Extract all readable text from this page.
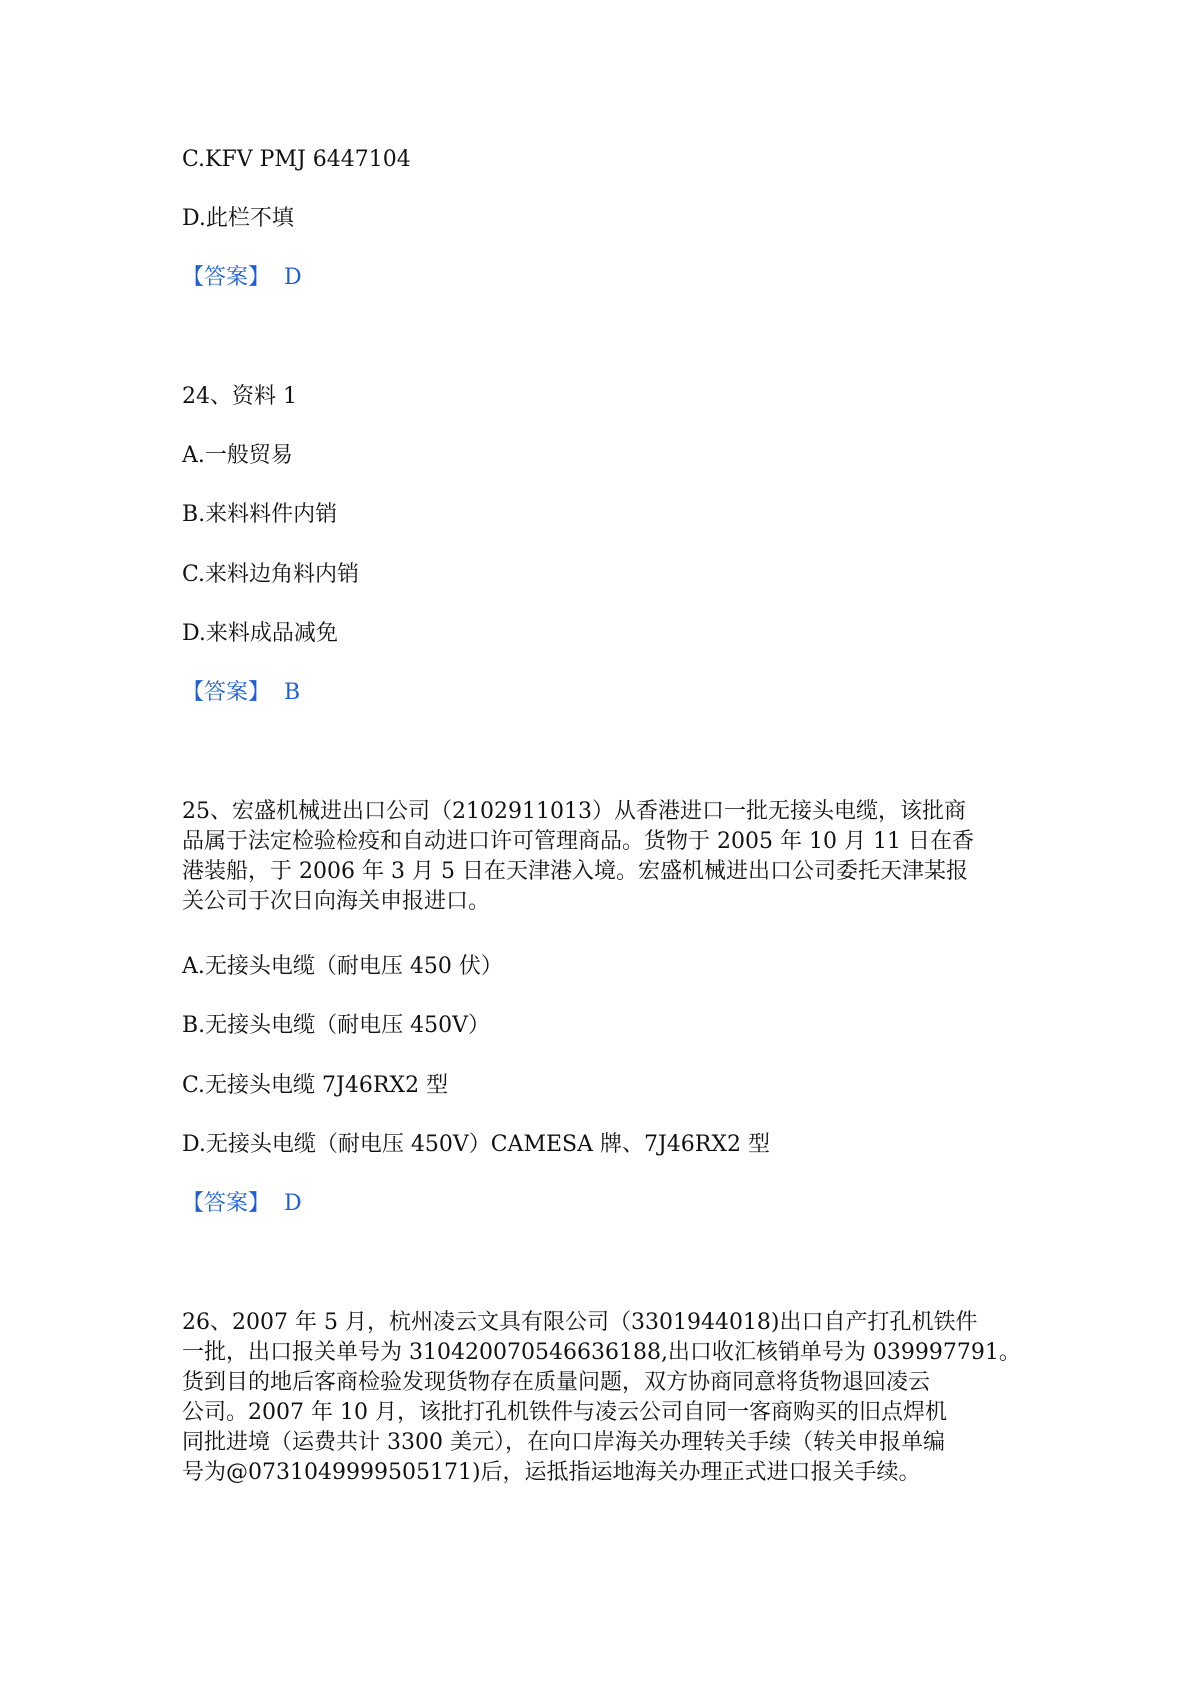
C.KFV PMJ 6447104
D.此栏不填
【答案】 D
24、资料 1
A.一般贸易
B.来料料件内销
C.来料边角料内销
D.来料成品减免
【答案】 B
25、宏盛机械进出口公司（2102911013）从香港进口一批无接头电缆，该批商
品属于法定检验检疫和自动进口许可管理商品。货物于 2005 年 10 月 11 日在香
港装船，于 2006 年 3 月 5 日在天津港入境。宏盛机械进出口公司委托天津某报
关公司于次日向海关申报进口。
A.无接头电缆（耐电压 450 伏）
B.无接头电缆（耐电压 450V）
C.无接头电缆 7J46RX2 型
D.无接头电缆（耐电压 450V）CAMESA 牌、7J46RX2 型
【答案】 D
26、2007 年 5 月，杭州凌云文具有限公司（3301944018)出口自产打孔机铁件
一批，出口报关单号为 310420070546636188,出口收汇核销单号为 039997791。
货到目的地后客商检验发现货物存在质量问题，双方协商同意将货物退回凌云
公司。2007 年 10 月，该批打孔机铁件与凌云公司自同一客商购买的旧点焊机
同批进境（运费共计 3300 美元），在向口岸海关办理转关手续（转关申报单编
号为@0731049999505171)后，运抵指运地海关办理正式进口报关手续。
